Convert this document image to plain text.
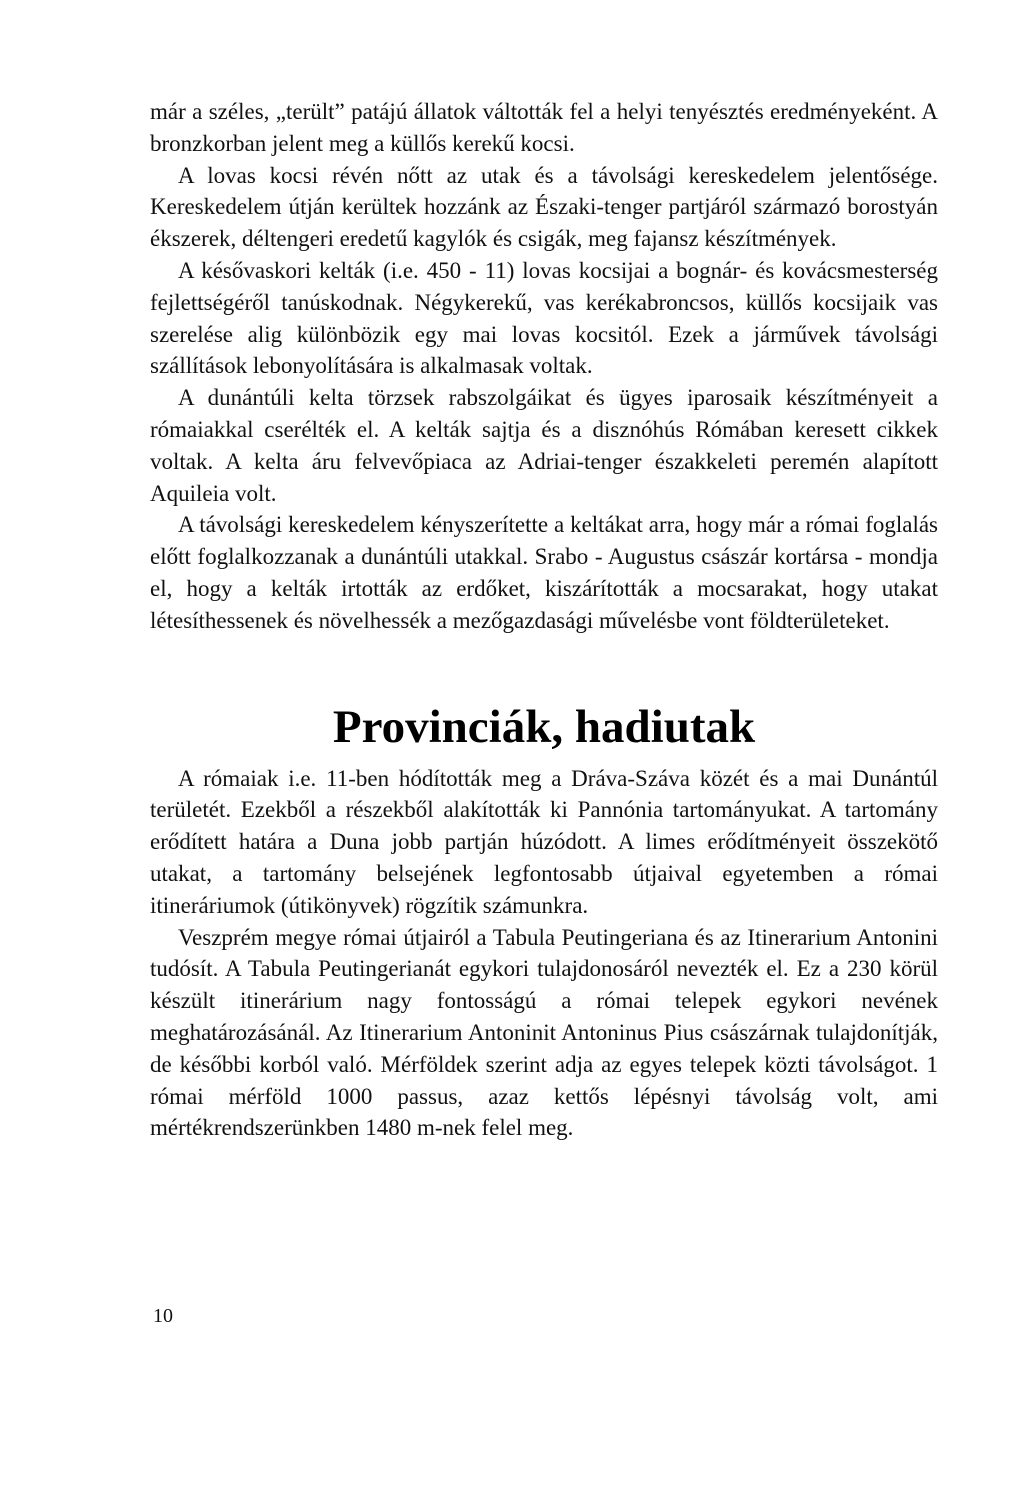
már a széles, „terült” patájú állatok váltották fel a helyi tenyésztés eredményeként. A bronzkorban jelent meg a küllős kerekű kocsi.

A lovas kocsi révén nőtt az utak és a távolsági kereskedelem jelentősége. Kereskedelem útján kerültek hozzánk az Északi-tenger partjáról származó borostyán ékszerek, déltengeri eredetű kagylók és csigák, meg fajansz készítmények.

A késővaskori kelták (i.e. 450 - 11) lovas kocsijai a bognár- és kovácsmesterség fejlettségéről tanúskodnak. Négykerekű, vas kerékabroncsos, küllős kocsijaik vas szerelése alig különbözik egy mai lovas kocsitól. Ezek a járművek távolsági szállítások lebonyolítására is alkalmasak voltak.

A dunántúli kelta törzsek rabszolgáikat és ügyes iparosaik készítményeit a rómaiakkal cserélték el. A kelták sajtja és a disznóhús Rómában keresett cikkek voltak. A kelta áru felvevőpiaca az Adriai-tenger északkeleti peremén alapított Aquileia volt.

A távolsági kereskedelem kényszerítette a keltákat arra, hogy már a római foglalás előtt foglalkozzanak a dunántúli utakkal. Srabo - Augustus császár kortársa - mondja el, hogy a kelták irtották az erdőket, kiszárították a mocsarakat, hogy utakat létesíthessenek és növelhessék a mezőgazdasági művelésbe vont földterületeket.

Provinciák, hadiutak

A rómaiak i.e. 11-ben hódították meg a Dráva-Száva közét és a mai Dunántúl területét. Ezekből a részekből alakították ki Pannónia tartományukat. A tartomány erődített határa a Duna jobb partján húzódott. A limes erődítményeit összekötő utakat, a tartomány belsejének legfontosabb útjaival egyetemben a római itineráriumok (útikönyvek) rögzítik számunkra.

Veszprém megye római útjairól a Tabula Peutingeriana és az Itinerarium Antonini tudósít. A Tabula Peutingerianát egykori tulajdonosáról nevezték el. Ez a 230 körül készült itinerárium nagy fontosságú a római telepek egykori nevének meghatározásánál. Az Itinerarium Antoninit Antoninus Pius császárnak tulajdonítják, de későbbi korból való. Mérföldek szerint adja az egyes telepek közti távolságot. 1 római mérföld 1000 passus, azaz kettős lépésnyi távolság volt, ami mértékrendszerünkben 1480 m-nek felel meg.

10
